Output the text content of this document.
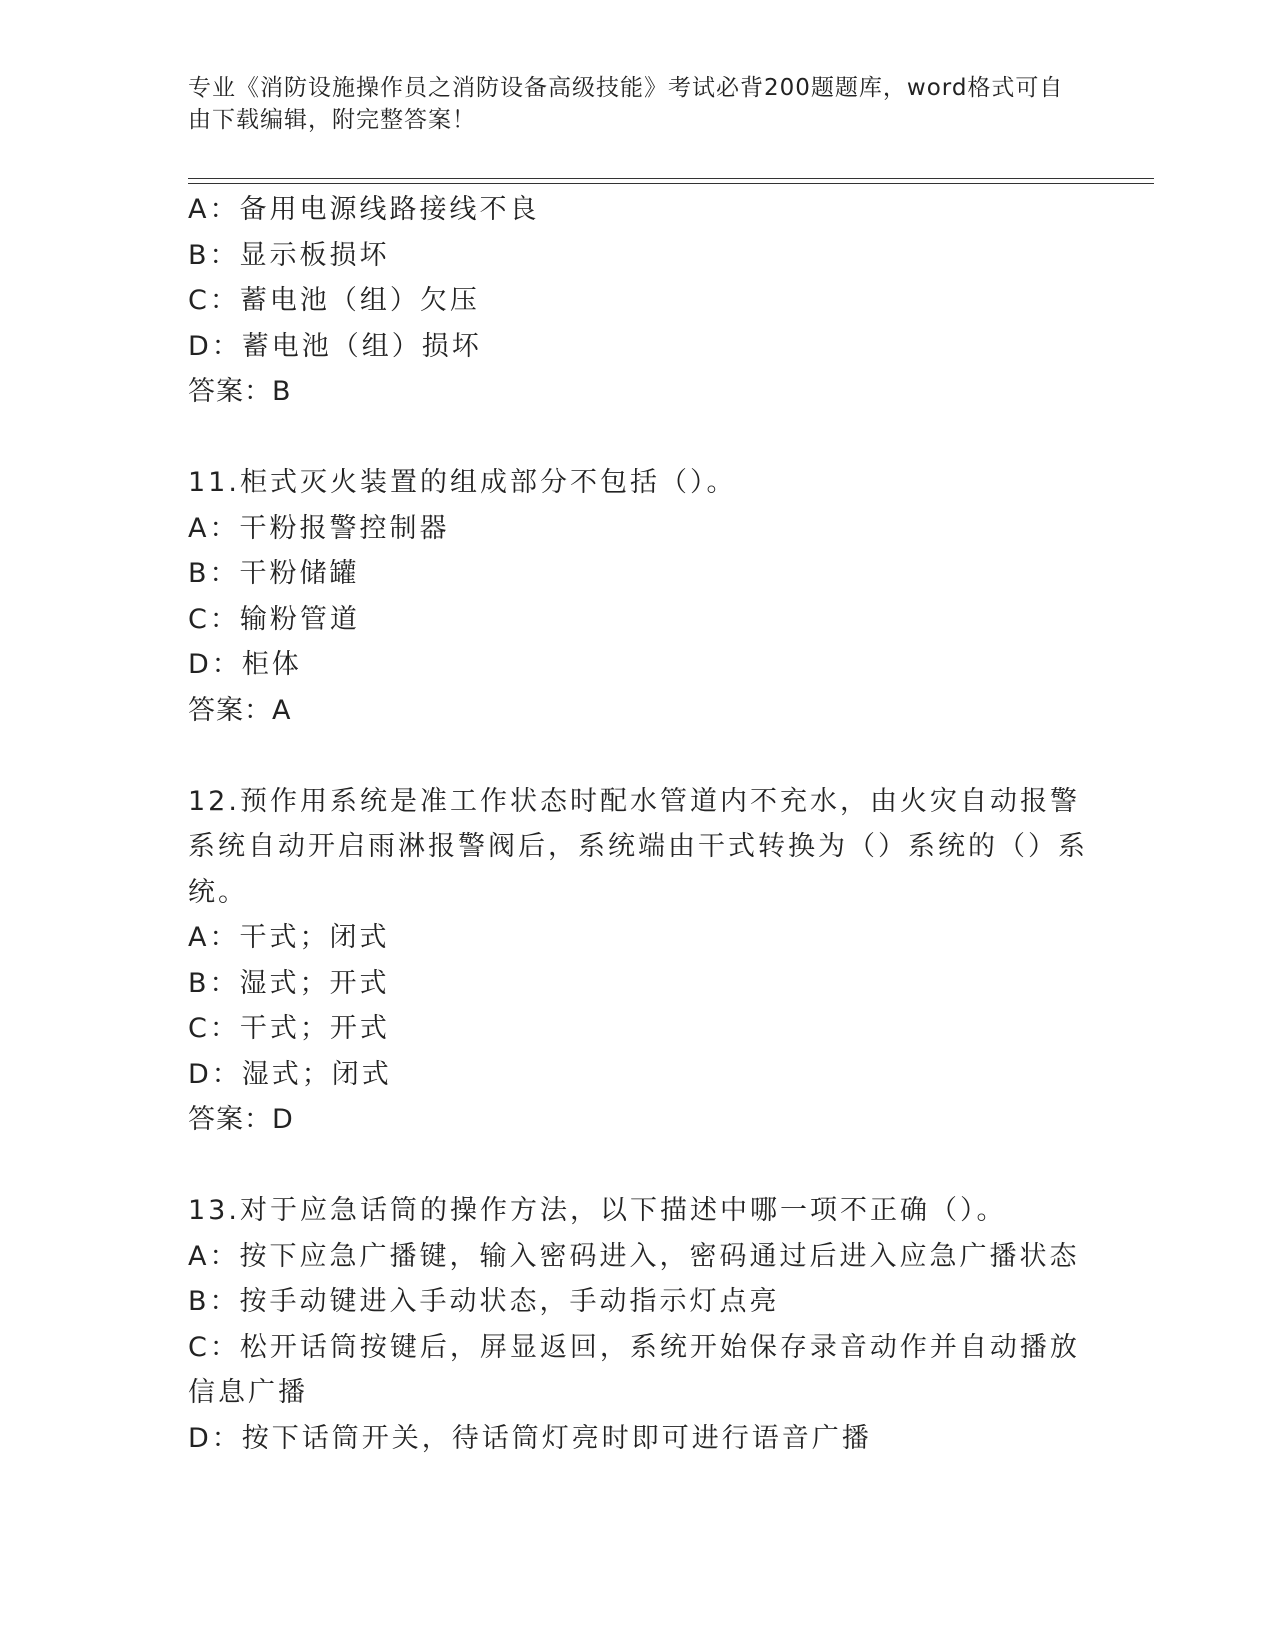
专业《消防设施操作员之消防设备高级技能》考试必背200题题库，word格式可自由下载编辑，附完整答案！
A：备用电源线路接线不良
B：显示板损坏
C：蓄电池（组）欠压
D：蓄电池（组）损坏
答案：B
11.柜式灭火装置的组成部分不包括（）。
A：干粉报警控制器
B：干粉储罐
C：输粉管道
D：柜体
答案：A
12.预作用系统是准工作状态时配水管道内不充水，由火灾自动报警系统自动开启雨淋报警阀后，系统端由干式转换为（）系统的（）系统。
A：干式；闭式
B：湿式；开式
C：干式；开式
D：湿式；闭式
答案：D
13.对于应急话筒的操作方法，以下描述中哪一项不正确（）。
A：按下应急广播键，输入密码进入，密码通过后进入应急广播状态
B：按手动键进入手动状态，手动指示灯点亮
C：松开话筒按键后，屏显返回，系统开始保存录音动作并自动播放信息广播
D：按下话筒开关，待话筒灯亮时即可进行语音广播
